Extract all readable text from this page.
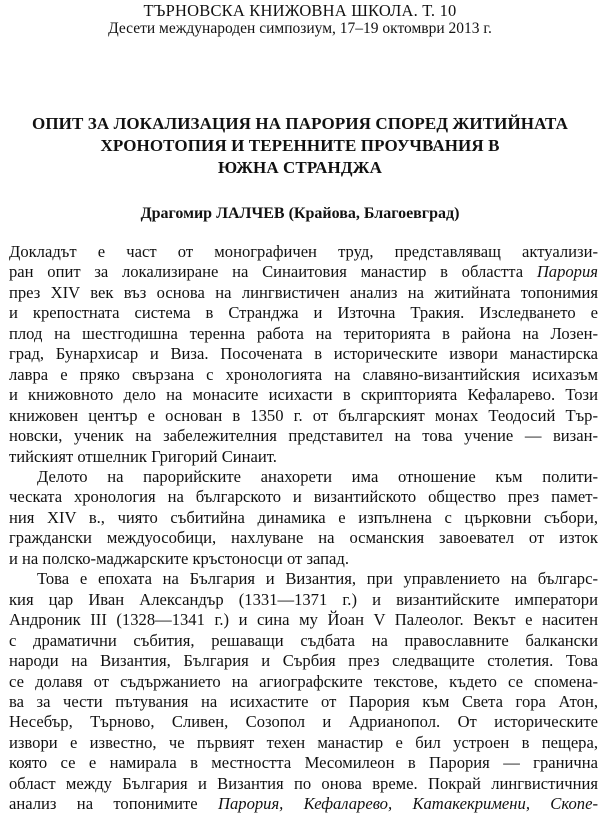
ТЪРНОВСКА КНИЖОВНА ШКОЛА. Т. 10
Десети международен симпозиум, 17–19 октомври 2013 г.
ОПИТ ЗА ЛОКАЛИЗАЦИЯ НА ПАРОРИЯ СПОРЕД ЖИТИЙНАТА
ХРОНОТОПИЯ И ТЕРЕННИТЕ ПРОУЧВАНИЯ В
ЮЖНА СТРАНДЖА
Драгомир ЛАЛЧЕВ (Крайова, Благоевград)
Докладът е част от монографичен труд, представляващ актуализи-
ран опит за локализиране на Синаитовия манастир в областта Парория
през XIV век въз основа на лингвистичен анализ на житийната топонимия
и крепостната система в Странджа и Източна Тракия. Изследването е
плод на шестгодишна теренна работа на територията в района на Лозен-
град, Бунархисар и Виза. Посочената в историческите извори манастирска
лавра е пряко свързана с хронологията на славяно-византийския исихазъм
и книжовното дело на монасите исихасти в скрипторията Кефаларево. Този
книжовен център е основан в 1350 г. от българският монах Теодосий Тър-
новски, ученик на забележителния представител на това учение — визан-
тийският отшелник Григорий Синаит.
Делото на парорийските анахорети има отношение към полити-
ческата хронология на българското и византийското общество през памет-
ния XIV в., чиято събитийна динамика е изпълнена с църковни събори,
граждански междуособици, нахлуване на османския завоевател от изток
и на полско-маджарските кръстоносци от запад.
Това е епохата на България и Византия, при управлението на българс-
кия цар Иван Александър (1331—1371 г.) и византийските императори
Андроник III (1328—1341 г.) и сина му Йоан V Палеолог. Векът е наситен
с драматични събития, решаващи съдбата на православните балкански
народи на Византия, България и Сърбия през следващите столетия. Това
се долавя от съдържанието на агиографските текстове, където се спомена-
ва за чести пътувания на исихастите от Парория към Света гора Атон,
Несебър, Търново, Сливен, Созопол и Адрианопол. От историческите
извори е известно, че първият техен манастир е бил устроен в пещера,
която се е намирала в местността Месомилеон в Парория — гранична
област между България и Византия по онова време. Покрай лингвистичния
анализ на топонимите Парория, Кефаларево, Катакекримени, Скопе-
